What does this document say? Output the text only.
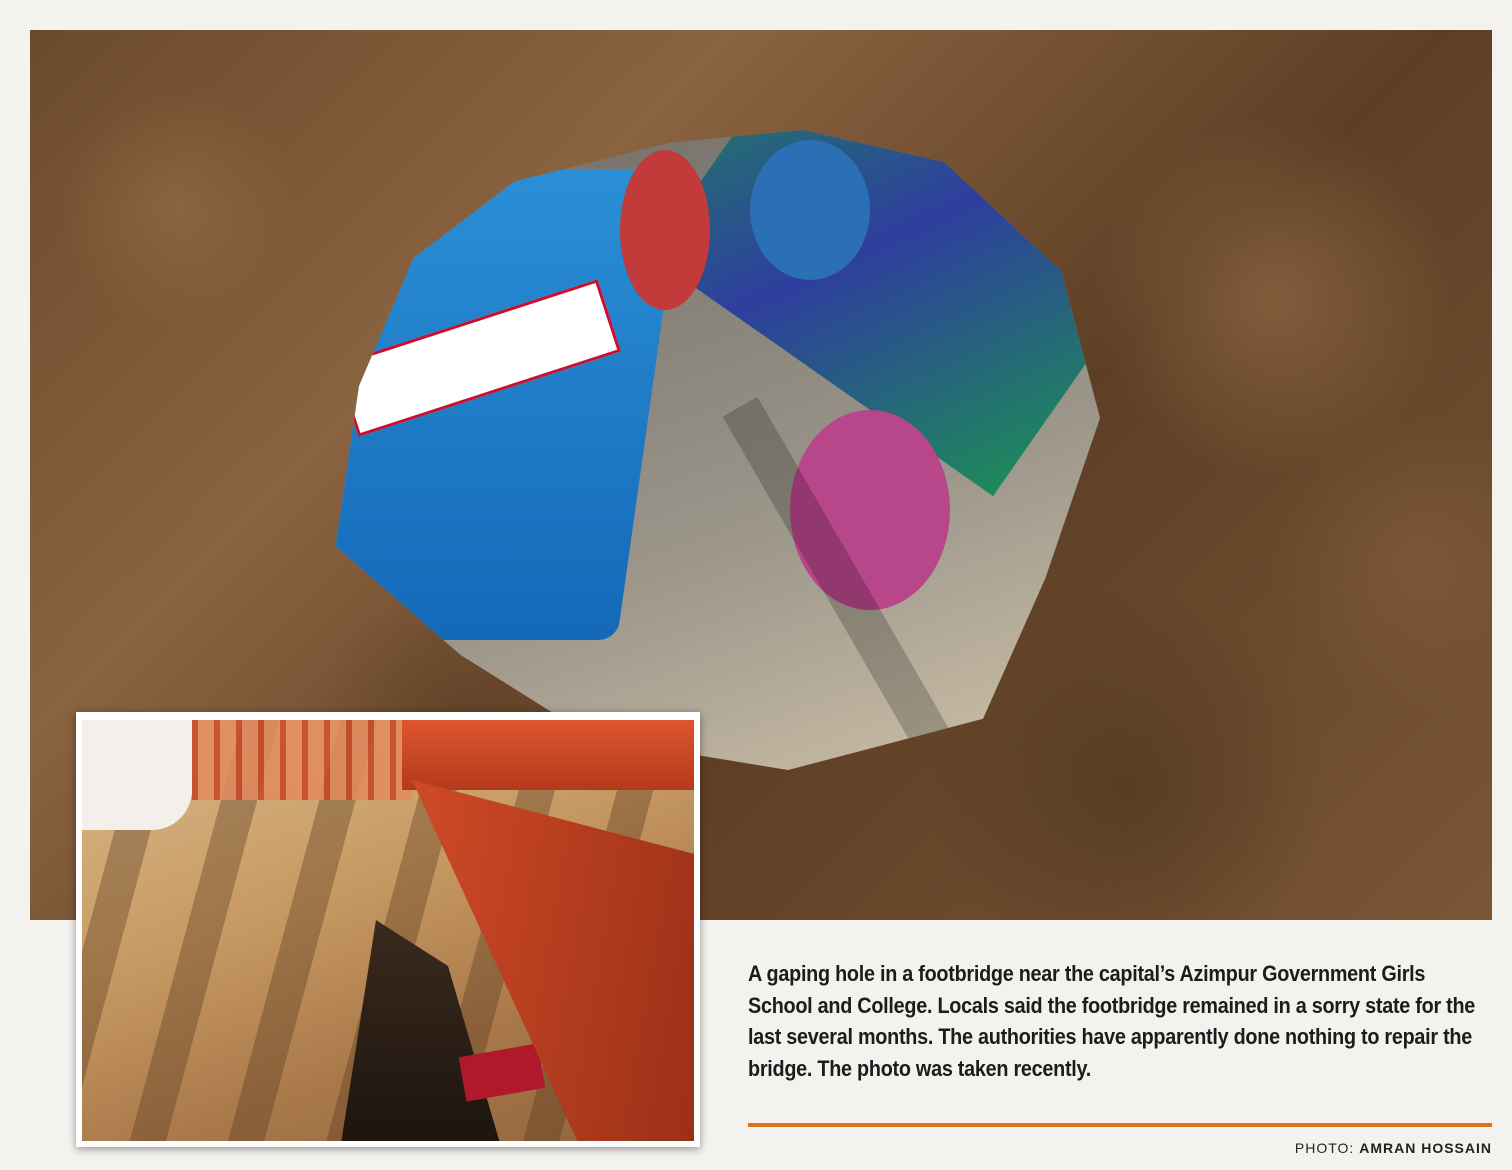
A gaping hole in a footbridge near the capital’s Azimpur Government Girls School and College. Locals said the footbridge remained in a sorry state for the last several months. The authorities have apparently done nothing to repair the bridge. The photo was taken recently.
PHOTO: AMRAN HOSSAIN
